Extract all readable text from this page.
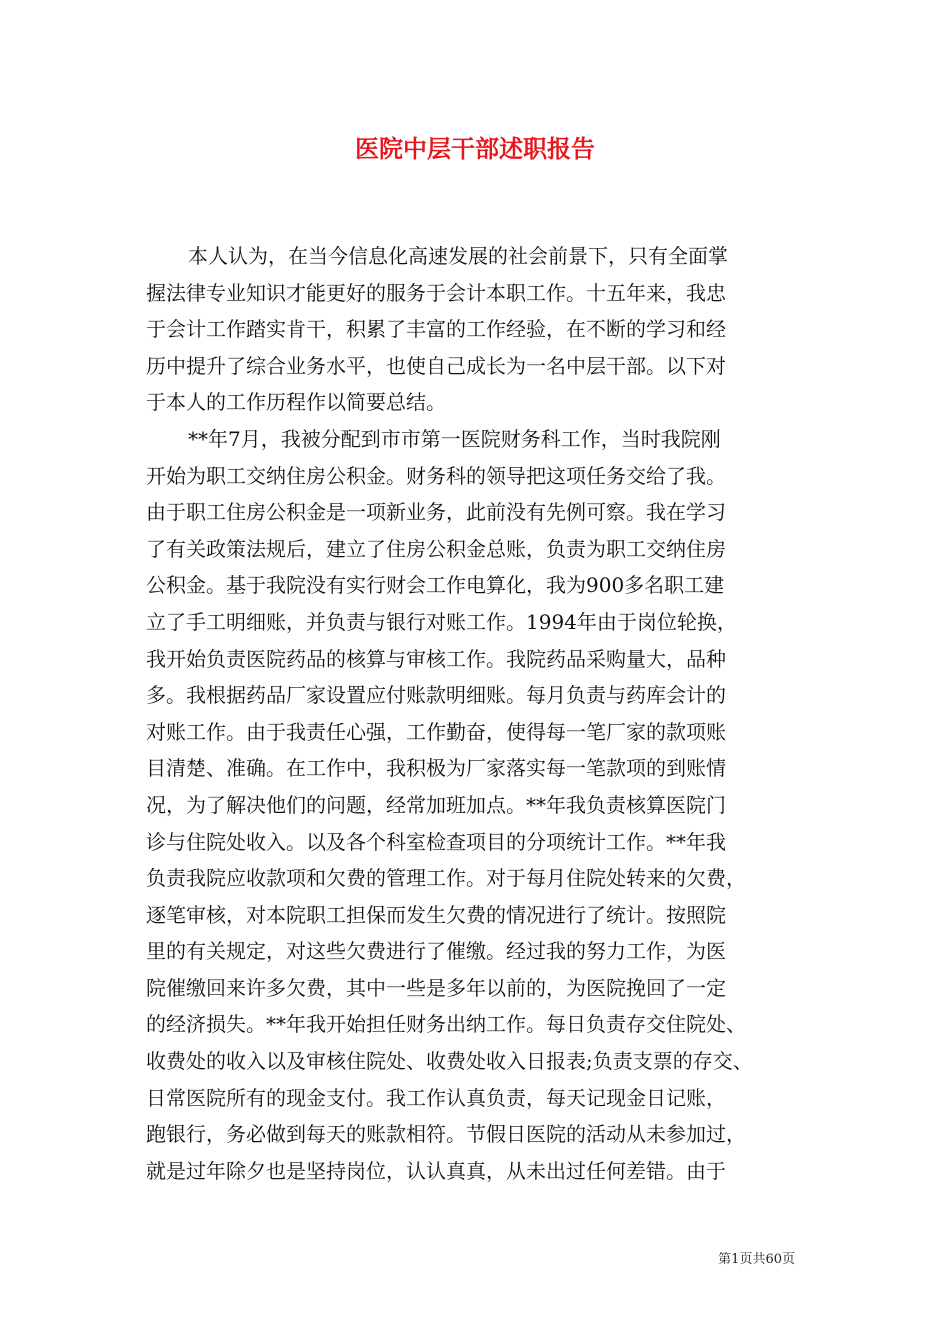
医院中层干部述职报告
本人认为，在当今信息化高速发展的社会前景下，只有全面掌
握法律专业知识才能更好的服务于会计本职工作。十五年来，我忠
于会计工作踏实肯干，积累了丰富的工作经验，在不断的学习和经
历中提升了综合业务水平，也使自己成长为一名中层干部。以下对
于本人的工作历程作以简要总结。
**年7月，我被分配到市市第一医院财务科工作，当时我院刚
开始为职工交纳住房公积金。财务科的领导把这项任务交给了我。
由于职工住房公积金是一项新业务，此前没有先例可察。我在学习
了有关政策法规后，建立了住房公积金总账，负责为职工交纳住房
公积金。基于我院没有实行财会工作电算化，我为900多名职工建
立了手工明细账，并负责与银行对账工作。1994年由于岗位轮换，
我开始负责医院药品的核算与审核工作。我院药品采购量大，品种
多。我根据药品厂家设置应付账款明细账。每月负责与药库会计的
对账工作。由于我责任心强，工作勤奋，使得每一笔厂家的款项账
目清楚、准确。在工作中，我积极为厂家落实每一笔款项的到账情
况，为了解决他们的问题，经常加班加点。**年我负责核算医院门
诊与住院处收入。以及各个科室检查项目的分项统计工作。**年我
负责我院应收款项和欠费的管理工作。对于每月住院处转来的欠费，
逐笔审核，对本院职工担保而发生欠费的情况进行了统计。按照院
里的有关规定，对这些欠费进行了催缴。经过我的努力工作，为医
院催缴回来许多欠费，其中一些是多年以前的，为医院挽回了一定
的经济损失。**年我开始担任财务出纳工作。每日负责存交住院处、
收费处的收入以及审核住院处、收费处收入日报表;负责支票的存交、
日常医院所有的现金支付。我工作认真负责，每天记现金日记账，
跑银行，务必做到每天的账款相符。节假日医院的活动从未参加过，
就是过年除夕也是坚持岗位，认认真真，从未出过任何差错。由于
第1页共60页
